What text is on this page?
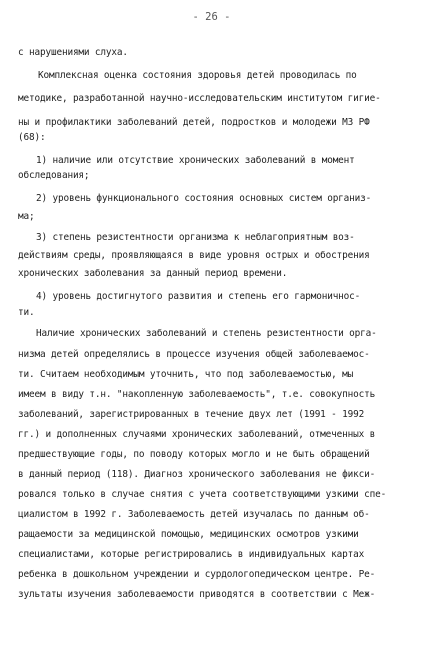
- 26 -
с нарушениями слуха.
Комплексная оценка состояния здоровья детей проводилась по
методике, разработанной научно-исследовательским институтом гигие-
ны и профилактики заболеваний детей, подростков и молодежи МЗ РФ
(68):
1) наличие или отсутствие хронических заболеваний в момент
обследования;
2) уровень функционального состояния основных систем организ-
ма;
3) степень резистентности организма к неблагоприятным воз-
действиям среды, проявляющаяся в виде уровня острых и обострения
хронических заболевания за данный период времени.
4) уровень достигнутого развития и степень его гармоничнос-
ти.
Наличие хронических заболеваний и степень резистентности орга-
низма детей определялись в процессе изучения общей заболеваемос-
ти. Считаем необходимым уточнить, что под заболеваемостью, мы
имеем в виду т.н. "накопленную заболеваемость", т.е. совокупность
заболеваний, зарегистрированных в течение двух лет (1991 - 1992
гг.) и дополненных случаями хронических заболеваний, отмеченных в
предшествующие годы, по поводу которых могло и не быть обращений
в данный период (118). Диагноз хронического заболевания не фикси-
ровался только в случае снятия с учета соответствующими узкими спе-
циалистом в 1992 г. Заболеваемость детей изучалась по данным об-
ращаемости за медицинской помощью, медицинских осмотров узкими
специалистами, которые регистрировались в индивидуальных картах
ребенка в дошкольном учреждении и сурдологопедическом центре. Ре-
зультаты изучения заболеваемости приводятся в соответствии с Меж-
